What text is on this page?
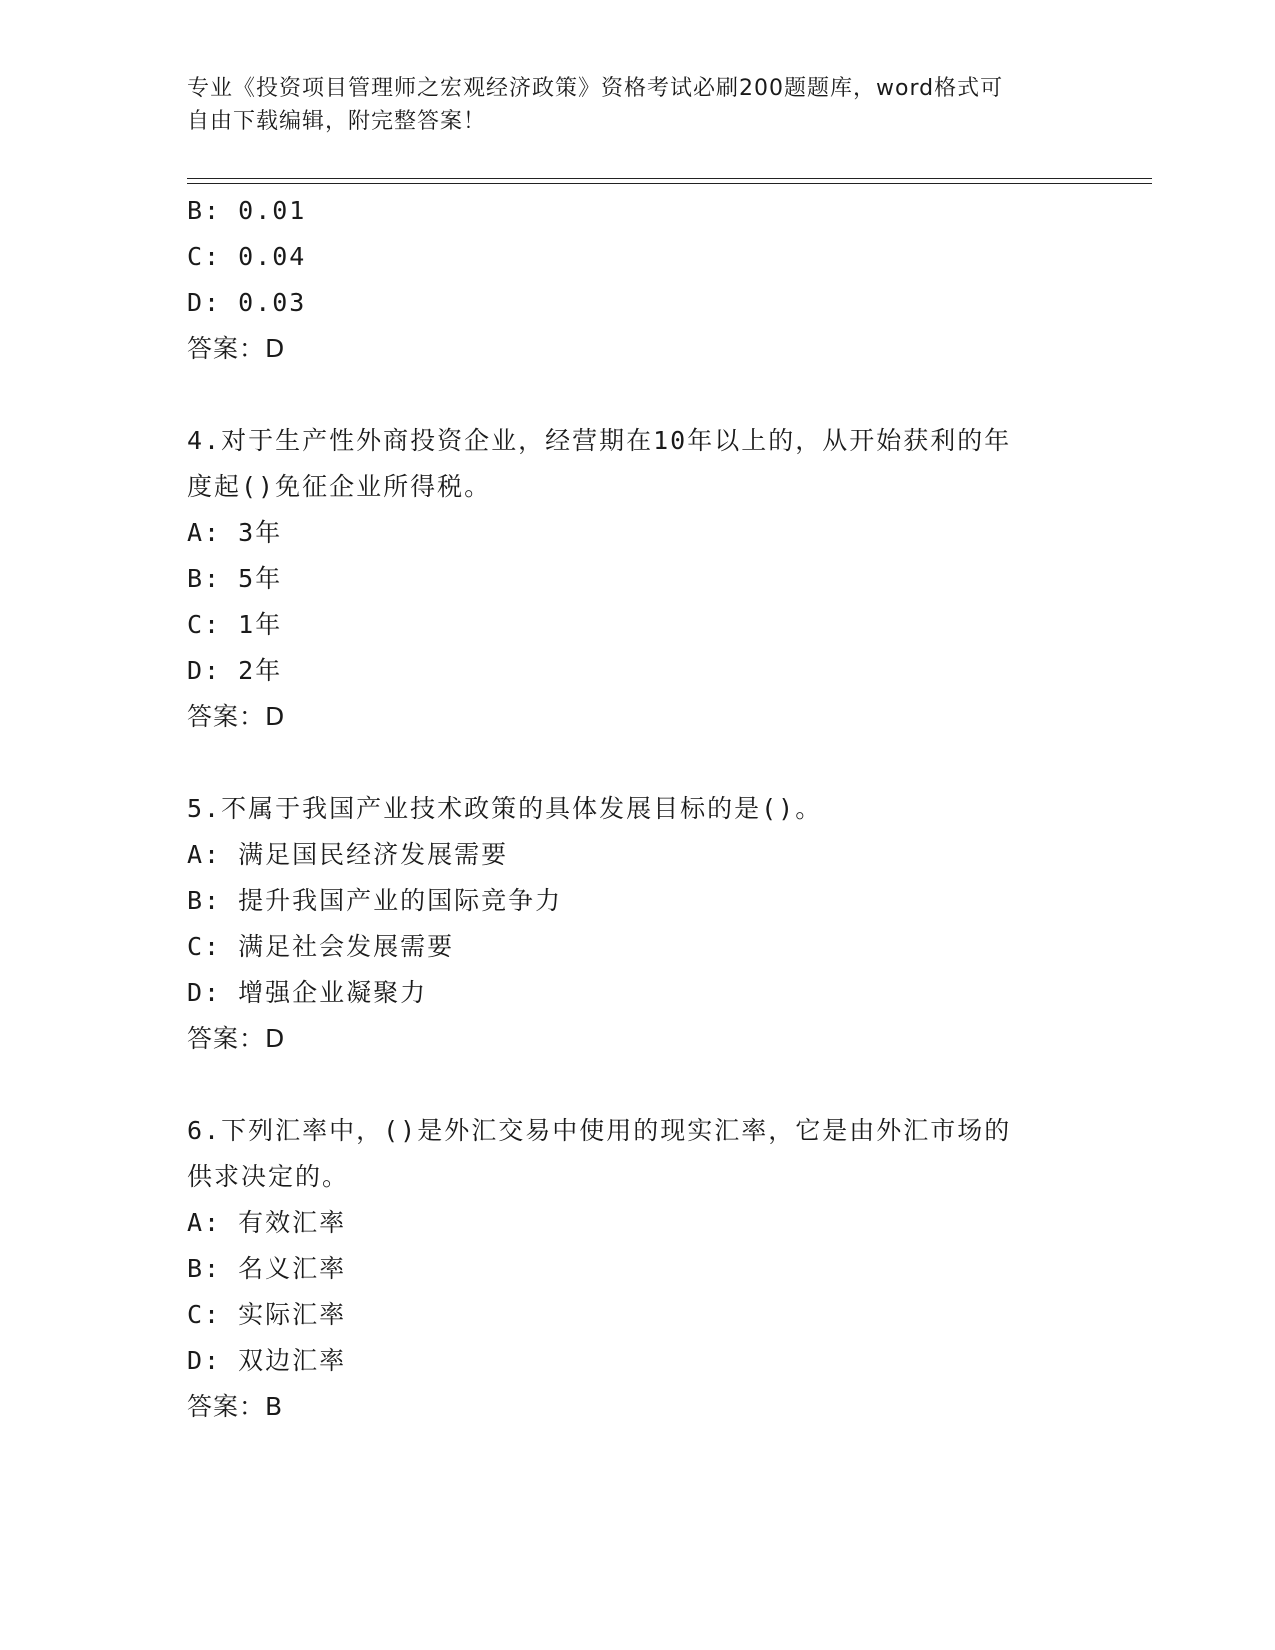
专业《投资项目管理师之宏观经济政策》资格考试必刷200题题库，word格式可
自由下载编辑，附完整答案！
B: 0.01
C: 0.04
D: 0.03
答案：D
4.对于生产性外商投资企业，经营期在10年以上的，从开始获利的年
度起()免征企业所得税。
A: 3年
B: 5年
C: 1年
D: 2年
答案：D
5.不属于我国产业技术政策的具体发展目标的是()。
A: 满足国民经济发展需要
B: 提升我国产业的国际竞争力
C: 满足社会发展需要
D: 增强企业凝聚力
答案：D
6.下列汇率中，()是外汇交易中使用的现实汇率，它是由外汇市场的
供求决定的。
A: 有效汇率
B: 名义汇率
C: 实际汇率
D: 双边汇率
答案：B
